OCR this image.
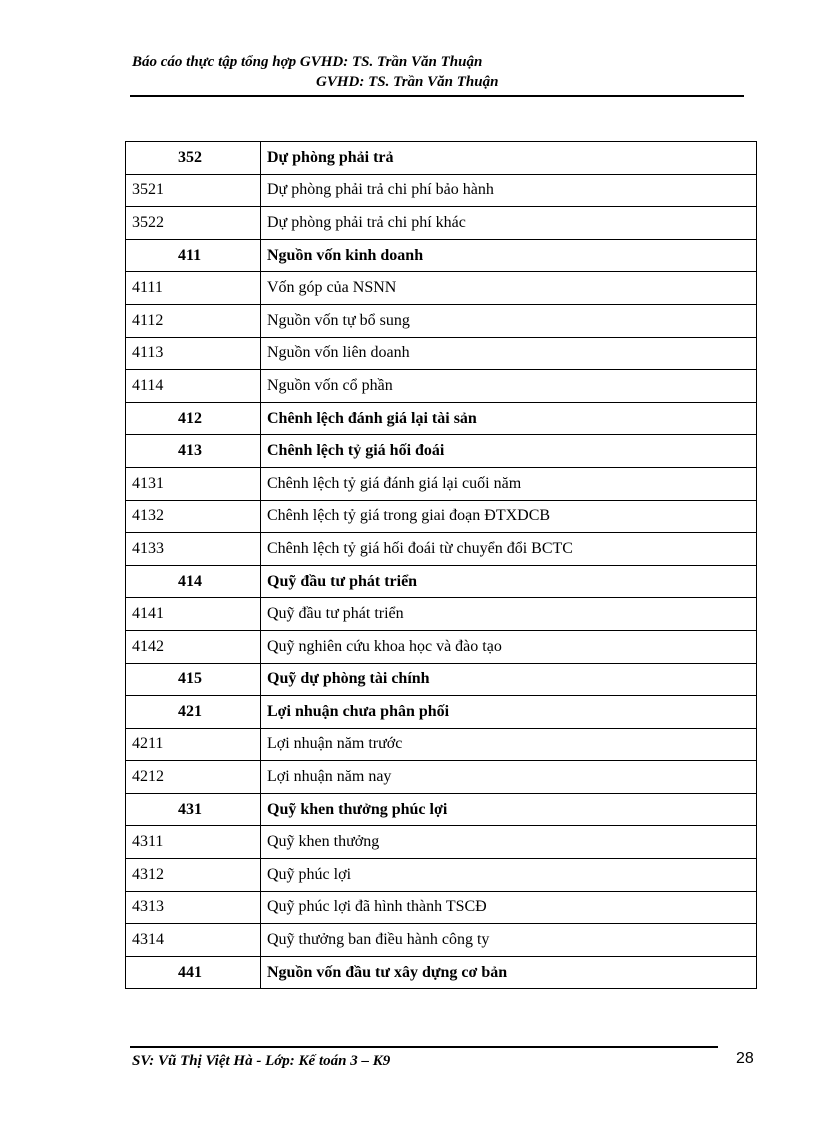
Báo cáo thực tập tổng hợp GVHD: TS. Trần Văn Thuận
GVHD: TS. Trần Văn Thuận
352	Dự phòng phải trả
3521	Dự phòng phải trả chi phí bảo hành
3522	Dự phòng phải trả chi phí khác
411	Nguồn vốn kinh doanh
4111	Vốn góp của NSNN
4112	Nguồn vốn tự bổ sung
4113	Nguồn vốn liên doanh
4114	Nguồn vốn cổ phần
412	Chênh lệch đánh giá lại tài sản
413	Chênh lệch tỷ giá hối đoái
4131	Chênh lệch tỷ giá đánh giá lại cuối năm
4132	Chênh lệch tỷ giá trong giai đoạn ĐTXDCB
4133	Chênh lệch tỷ giá hối đoái từ chuyển đổi BCTC
414	Quỹ đầu tư phát triển
4141	Quỹ đầu tư phát triển
4142	Quỹ nghiên cứu khoa học và đào tạo
415	Quỹ dự phòng tài chính
421	Lợi nhuận chưa phân phối
4211	Lợi nhuận năm trước
4212	Lợi nhuận năm nay
431	Quỹ khen thưởng phúc lợi
4311	Quỹ khen thưởng
4312	Quỹ phúc lợi
4313	Quỹ phúc lợi đã hình thành TSCĐ
4314	Quỹ thưởng ban điều hành công ty
441	Nguồn vốn đầu tư xây dựng cơ bản
SV: Vũ Thị Việt Hà - Lớp: Kế toán 3 – K9	28
